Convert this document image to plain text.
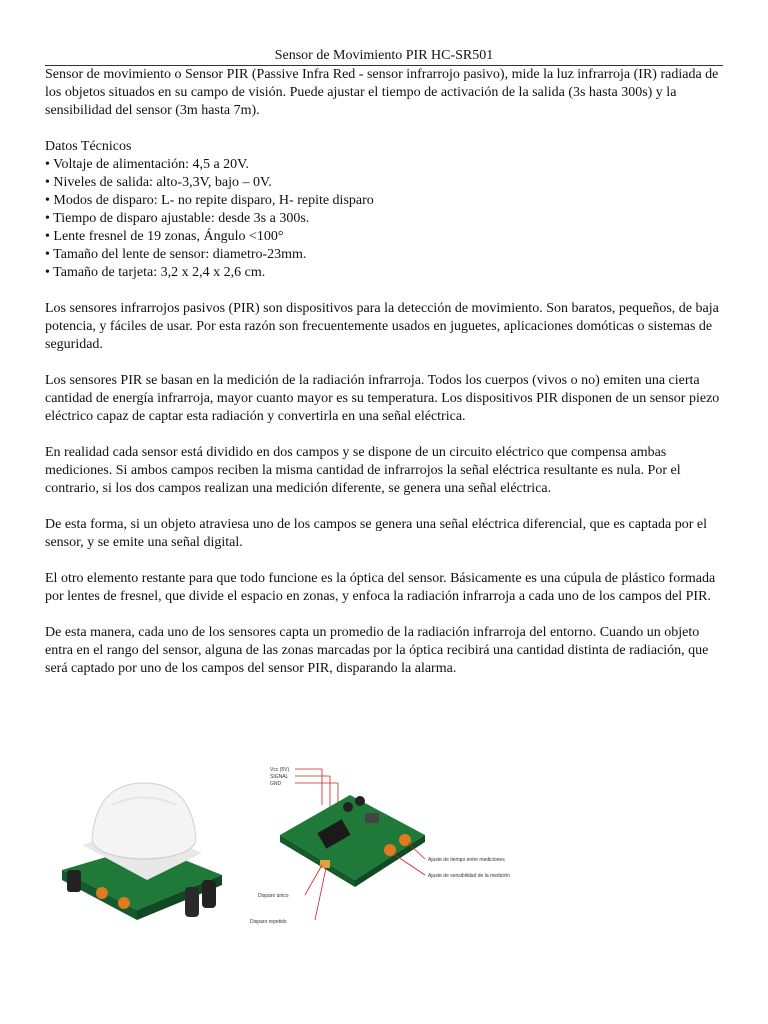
Sensor de Movimiento PIR HC-SR501

Sensor de movimiento o Sensor PIR (Passive Infra Red - sensor infrarrojo pasivo), mide la luz infrarroja (IR) radiada de los objetos situados en su campo de visión. Puede ajustar el tiempo de activación de la salida (3s hasta 300s) y la sensibilidad del sensor (3m hasta 7m).

Datos Técnicos
• Voltaje de alimentación: 4,5 a 20V.
• Niveles de salida: alto-3,3V, bajo – 0V.
• Modos de disparo: L- no repite disparo, H- repite disparo
• Tiempo de disparo ajustable: desde 3s a 300s.
• Lente fresnel de 19 zonas, Ángulo <100°
• Tamaño del lente de sensor: diametro-23mm.
• Tamaño de tarjeta: 3,2 x 2,4 x 2,6 cm.

Los sensores infrarrojos pasivos (PIR) son dispositivos para la detección de movimiento. Son baratos, pequeños, de baja potencia, y fáciles de usar. Por esta razón son frecuentemente usados en juguetes, aplicaciones domóticas o sistemas de seguridad.

Los sensores PIR se basan en la medición de la radiación infrarroja. Todos los cuerpos (vivos o no) emiten una cierta cantidad de energía infrarroja, mayor cuanto mayor es su temperatura. Los dispositivos PIR disponen de un sensor piezo eléctrico capaz de captar esta radiación y convertirla en una señal eléctrica.

En realidad cada sensor está dividido en dos campos y se dispone de un circuito eléctrico que compensa ambas mediciones. Si ambos campos reciben la misma cantidad de infrarrojos la señal eléctrica resultante es nula. Por el contrario, si los dos campos realizan una medición diferente, se genera una señal eléctrica.

De esta forma, si un objeto atraviesa uno de los campos se genera una señal eléctrica diferencial, que es captada por el sensor, y se emite una señal digital.

El otro elemento restante para que todo funcione es la óptica del sensor. Básicamente es una cúpula de plástico formada por lentes de fresnel, que divide el espacio en zonas, y enfoca la radiación infrarroja a cada uno de los campos del PIR.

De esta manera, cada uno de los sensores capta un promedio de la radiación infrarroja del entorno. Cuando un objeto entra en el rango del sensor, alguna de las zonas marcadas por la óptica recibirá una cantidad distinta de radiación, que será captado por uno de los campos del sensor PIR, disparando la alarma.

Vcc (5V)
SIGNAL
GND
Ajuste de tiempo entre mediciones
Ajuste de sensibilidad de la medición
Disparo único
Disparo repetido
